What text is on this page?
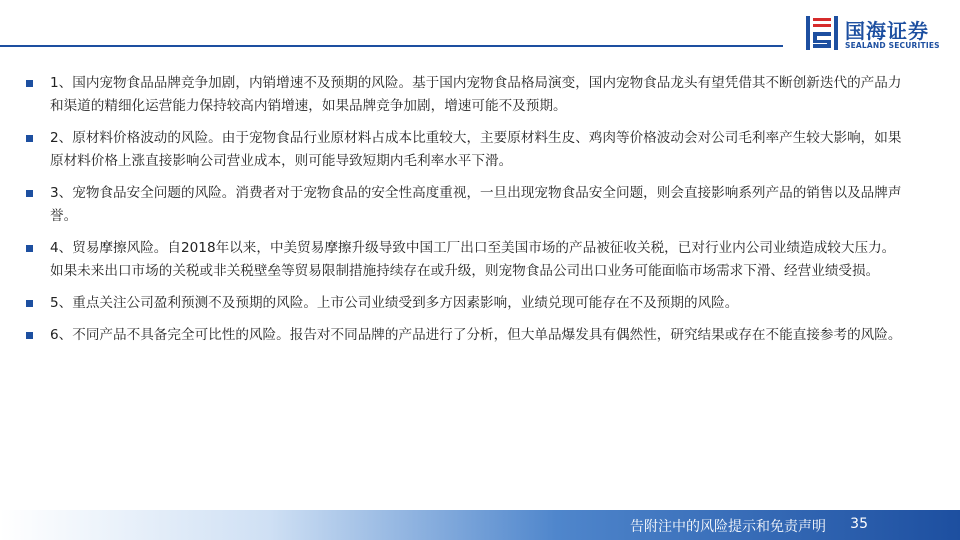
国海证券
SEALAND SECURITIES
1、国内宠物食品品牌竞争加剧，内销增速不及预期的风险。基于国内宠物食品格局演变，国内宠物食品龙头有望凭借其不断创新迭代的产品力和渠道的精细化运营能力保持较高内销增速，如果品牌竞争加剧，增速可能不及预期。
2、原材料价格波动的风险。由于宠物食品行业原材料占成本比重较大，主要原材料生皮、鸡肉等价格波动会对公司毛利率产生较大影响，如果原材料价格上涨直接影响公司营业成本，则可能导致短期内毛利率水平下滑。
3、宠物食品安全问题的风险。消费者对于宠物食品的安全性高度重视，一旦出现宠物食品安全问题，则会直接影响系列产品的销售以及品牌声誉。
4、贸易摩擦风险。自2018年以来，中美贸易摩擦升级导致中国工厂出口至美国市场的产品被征收关税，已对行业内公司业绩造成较大压力。如果未来出口市场的关税或非关税壁垒等贸易限制措施持续存在或升级，则宠物食品公司出口业务可能面临市场需求下滑、经营业绩受损。
5、重点关注公司盈利预测不及预期的风险。上市公司业绩受到多方因素影响，业绩兑现可能存在不及预期的风险。
6、不同产品不具备完全可比性的风险。报告对不同品牌的产品进行了分析，但大单品爆发具有偶然性，研究结果或存在不能直接参考的风险。
告附注中的风险提示和免责声明 35
